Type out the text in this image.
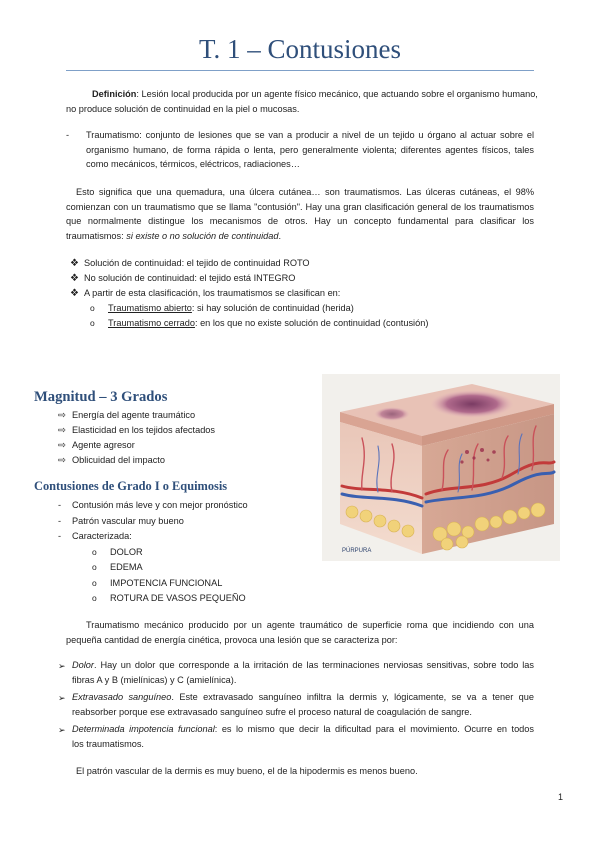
T. 1 – Contusiones
Definición: Lesión local producida por un agente físico mecánico, que actuando sobre el organismo humano,
no produce solución de continuidad en la piel o mucosas.
- Traumatismo: conjunto de lesiones que se van a producir a nivel de un tejido u órgano al actuar sobre el
organismo humano, de forma rápida o lenta, pero generalmente violenta; diferentes agentes físicos, tales
como mecánicos, térmicos, eléctricos, radiaciones…
Esto significa que una quemadura, una úlcera cutánea… son traumatismos. Las úlceras cutáneas, el 98%
comienzan con un traumatismo que se llama "contusión". Hay una gran clasificación general de los traumatismos
que normalmente distingue los mecanismos de otros. Hay un concepto fundamental para clasificar los
traumatismos: si existe o no solución de continuidad.
❖ Solución de continuidad: el tejido de continuidad ROTO
❖ No solución de continuidad: el tejido está INTEGRO
❖ A partir de esta clasificación, los traumatismos se clasifican en:
o Traumatismo abierto: si hay solución de continuidad (herida)
o Traumatismo cerrado: en los que no existe solución de continuidad (contusión)
Magnitud – 3 Grados
⇨ Energía del agente traumático
⇨ Elasticidad en los tejidos afectados
⇨ Agente agresor
⇨ Oblicuidad del impacto
Contusiones de Grado I o Equimosis
- Contusión más leve y con mejor pronóstico
- Patrón vascular muy bueno
- Caracterizada:
o DOLOR
o EDEMA
o IMPOTENCIA FUNCIONAL
o ROTURA DE VASOS PEQUEÑO
PÚRPURA
Traumatismo mecánico producido por un agente traumático de superficie roma que incidiendo con una
pequeña cantidad de energía cinética, provoca una lesión que se caracteriza por:
➢ Dolor. Hay un dolor que corresponde a la irritación de las terminaciones nerviosas sensitivas, sobre todo las
fibras A y B (mielínicas) y C (amielínica).
➢ Extravasado sanguíneo. Este extravasado sanguíneo infiltra la dermis y, lógicamente, se va a tener que
reabsorber porque ese extravasado sanguíneo sufre el proceso natural de coagulación de sangre.
➢ Determinada impotencia funcional: es lo mismo que decir la dificultad para el movimiento. Ocurre en todos
los traumatismos.
El patrón vascular de la dermis es muy bueno, el de la hipodermis es menos bueno.
1
